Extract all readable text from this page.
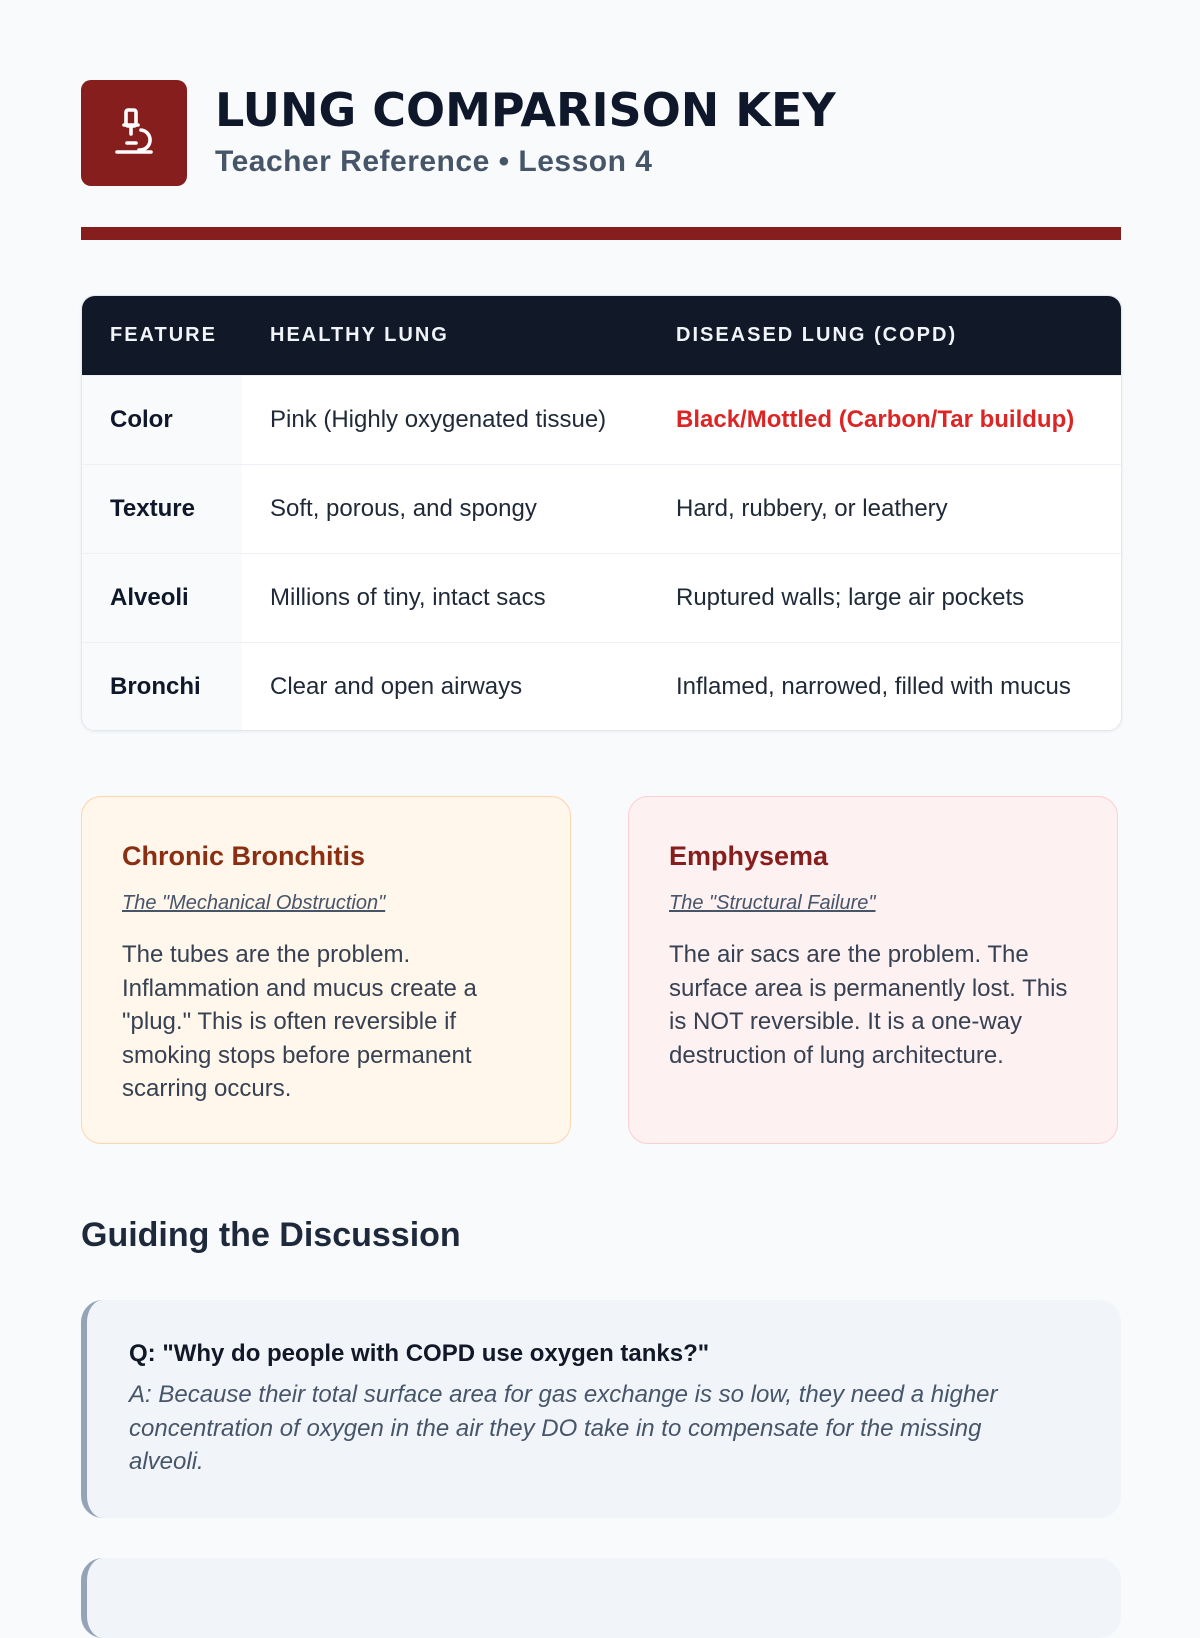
LUNG COMPARISON KEY
Teacher Reference • Lesson 4
FEATURE	HEALTHY LUNG	DISEASED LUNG (COPD)
Color	Pink (Highly oxygenated tissue)	Black/Mottled (Carbon/Tar buildup)
Texture	Soft, porous, and spongy	Hard, rubbery, or leathery
Alveoli	Millions of tiny, intact sacs	Ruptured walls; large air pockets
Bronchi	Clear and open airways	Inflamed, narrowed, filled with mucus
Chronic Bronchitis
The "Mechanical Obstruction"
The tubes are the problem. Inflammation and mucus create a "plug." This is often reversible if smoking stops before permanent scarring occurs.
Emphysema
The "Structural Failure"
The air sacs are the problem. The surface area is permanently lost. This is NOT reversible. It is a one-way destruction of lung architecture.
Guiding the Discussion
Q: "Why do people with COPD use oxygen tanks?"
A: Because their total surface area for gas exchange is so low, they need a higher concentration of oxygen in the air they DO take in to compensate for the missing alveoli.
